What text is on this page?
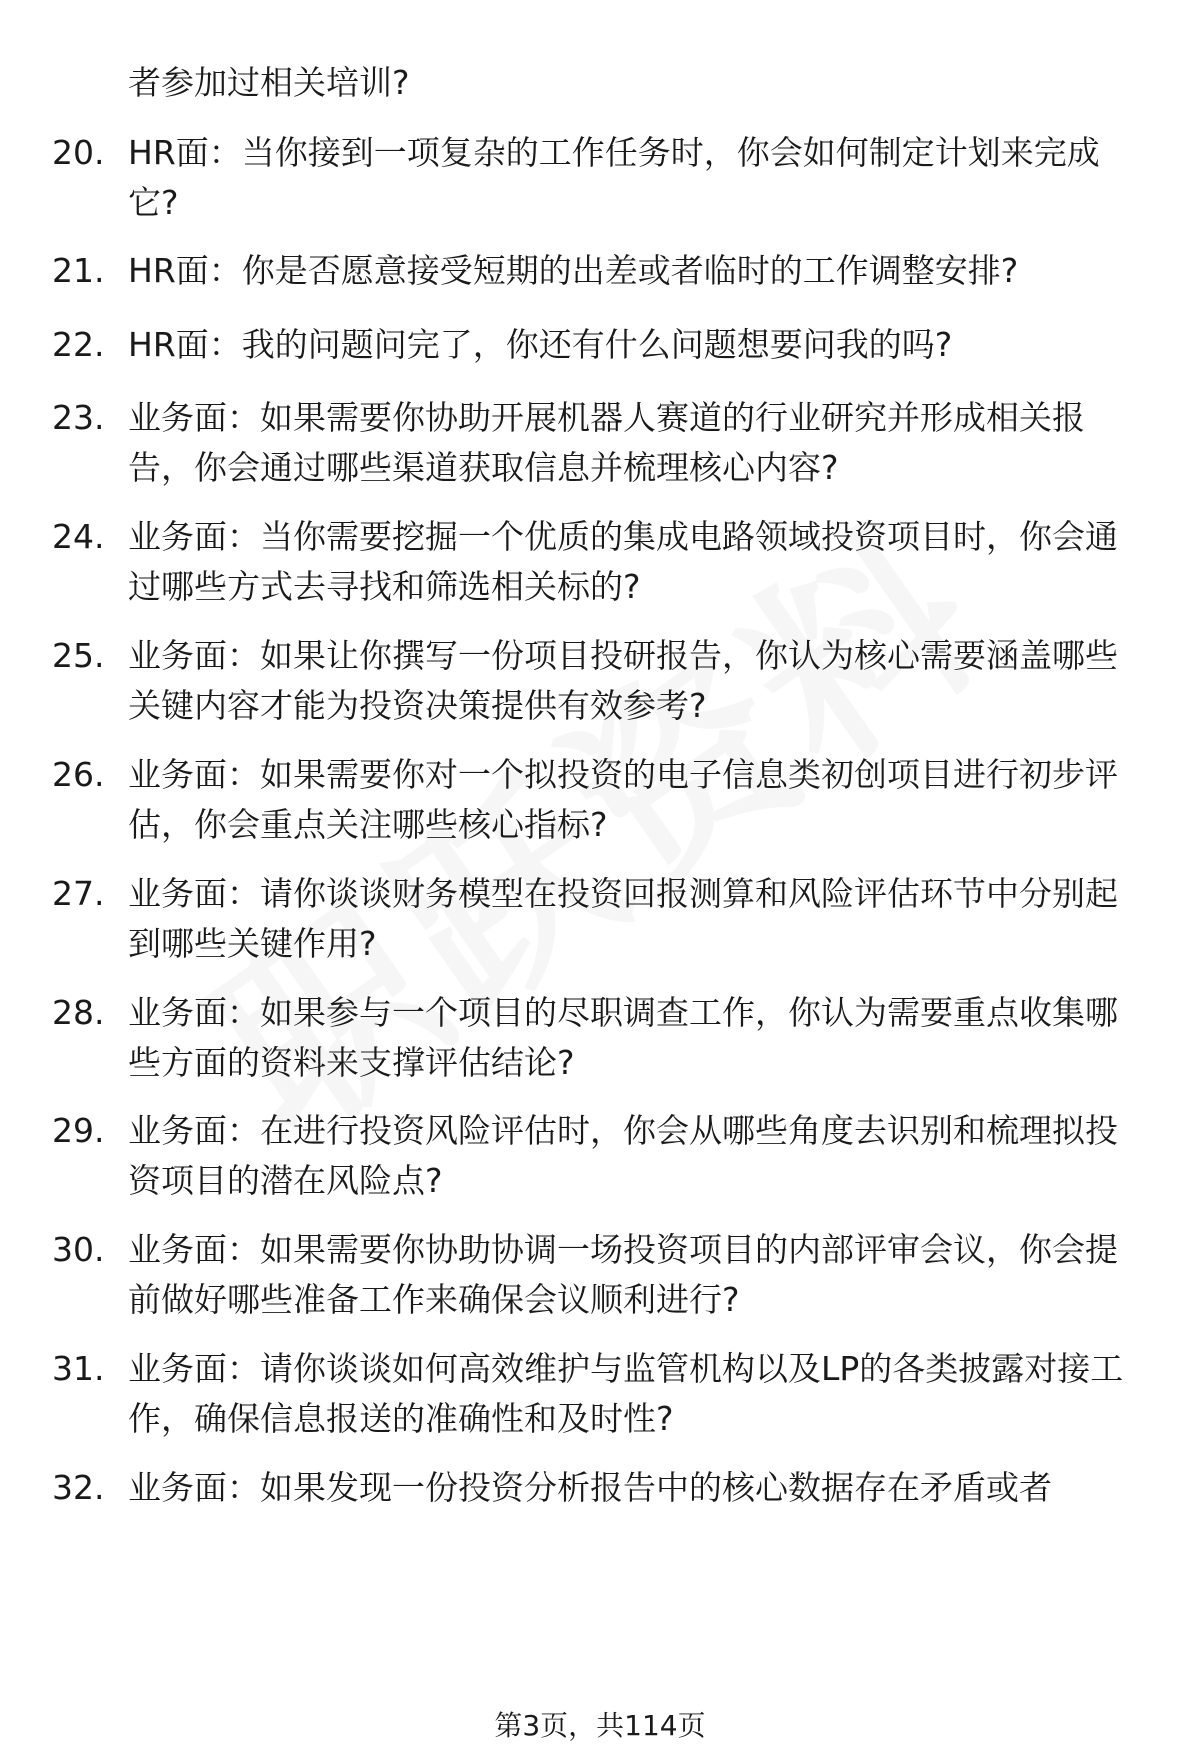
者参加过相关培训?
20. HR面：当你接到一项复杂的工作任务时，你会如何制定计划来完成它?
21. HR面：你是否愿意接受短期的出差或者临时的工作调整安排?
22. HR面：我的问题问完了，你还有什么问题想要问我的吗?
23. 业务面：如果需要你协助开展机器人赛道的行业研究并形成相关报告，你会通过哪些渠道获取信息并梳理核心内容?
24. 业务面：当你需要挖掘一个优质的集成电路领域投资项目时，你会通过哪些方式去寻找和筛选相关标的?
25. 业务面：如果让你撰写一份项目投研报告，你认为核心需要涵盖哪些关键内容才能为投资决策提供有效参考?
26. 业务面：如果需要你对一个拟投资的电子信息类初创项目进行初步评估，你会重点关注哪些核心指标?
27. 业务面：请你谈谈财务模型在投资回报测算和风险评估环节中分别起到哪些关键作用?
28. 业务面：如果参与一个项目的尽职调查工作，你认为需要重点收集哪些方面的资料来支撑评估结论?
29. 业务面：在进行投资风险评估时，你会从哪些角度去识别和梳理拟投资项目的潜在风险点?
30. 业务面：如果需要你协助协调一场投资项目的内部评审会议，你会提前做好哪些准备工作来确保会议顺利进行?
31. 业务面：请你谈谈如何高效维护与监管机构以及LP的各类披露对接工作，确保信息报送的准确性和及时性?
32. 业务面：如果发现一份投资分析报告中的核心数据存在矛盾或者
第3页，共114页
